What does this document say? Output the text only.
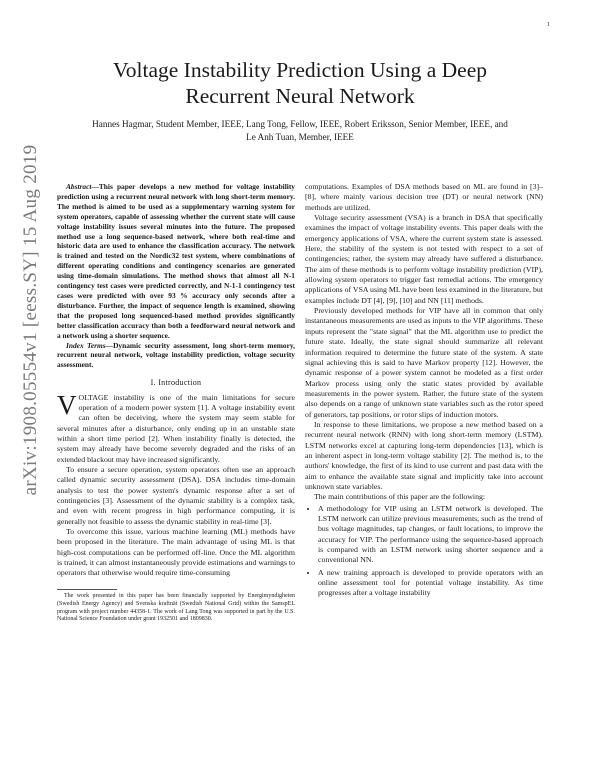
1
arXiv:1908.05554v1 [eess.SY] 15 Aug 2019
Voltage Instability Prediction Using a Deep
Recurrent Neural Network
Hannes Hagmar, Student Member, IEEE, Lang Tong, Fellow, IEEE, Robert Eriksson, Senior Member, IEEE, and
Le Anh Tuan, Member, IEEE

Abstract—This paper develops a new method for voltage instability prediction using a recurrent neural network with long short-term memory. The method is aimed to be used as a supplementary warning system for system operators, capable of assessing whether the current state will cause voltage instability issues several minutes into the future. The proposed method use a long sequence-based network, where both real-time and historic data are used to enhance the classification accuracy. The network is trained and tested on the Nordic32 test system, where combinations of different operating conditions and contingency scenarios are generated using time-domain simulations. The method shows that almost all N-1 contingency test cases were predicted correctly, and N-1-1 contingency test cases were predicted with over 93 % accuracy only seconds after a disturbance. Further, the impact of sequence length is examined, showing that the proposed long sequenced-based method provides significantly better classification accuracy than both a feedforward neural network and a network using a shorter sequence.

Index Terms—Dynamic security assessment, long short-term memory, recurrent neural network, voltage instability prediction, voltage security assessment.

I. Introduction

VOLTAGE instability is one of the main limitations for secure operation of a modern power system [1]. A voltage instability event can often be deceiving, where the system may seem stable for several minutes after a disturbance, only ending up in an unstable state within a short time period [2]. When instability finally is detected, the system may already have become severely degraded and the risks of an extended blackout may have increased significantly.

To ensure a secure operation, system operators often use an approach called dynamic security assessment (DSA). DSA includes time-domain analysis to test the power system's dynamic response after a set of contingencies [3]. Assessment of the dynamic stability is a complex task, and even with recent progress in high performance computing, it is generally not feasible to assess the dynamic stability in real-time [3].

To overcome this issue, various machine learning (ML) methods have been proposed in the literature. The main advantage of using ML is that high-cost computations can be performed off-line. Once the ML algorithm is trained, it can almost instantaneously provide estimations and warnings to operators that otherwise would require time-consuming

The work presented in this paper has been financially supported by Energimyndigheten (Swedish Energy Agency) and Svenska kraftnät (Swedish National Grid) within the SamspEL program with project number 44358-1. The work of Lang Tong was supported in part by the U.S. National Science Foundation under grant 1932501 and 1809830.

computations. Examples of DSA methods based on ML are found in [3]–[8], where mainly various decision tree (DT) or neural network (NN) methods are utilized.

Voltage security assessment (VSA) is a branch in DSA that specifically examines the impact of voltage instability events. This paper deals with the emergency applications of VSA, where the current system state is assessed. Here, the stability of the system is not tested with respect to a set of contingencies; rather, the system may already have suffered a disturbance. The aim of these methods is to perform voltage instability prediction (VIP), allowing system operators to trigger fast remedial actions. The emergency applications of VSA using ML have been less examined in the literature, but examples include DT [4], [9], [10] and NN [11] methods.

Previously developed methods for VIP have all in common that only instantaneous measurements are used as inputs to the VIP algorithms. These inputs represent the "state signal" that the ML algorithm use to predict the future state. Ideally, the state signal should summarize all relevant information required to determine the future state of the system. A state signal achieving this is said to have Markov property [12]. However, the dynamic response of a power system cannot be modeled as a first order Markov process using only the static states provided by available measurements in the power system. Rather, the future state of the system also depends on a range of unknown state variables such as the rotor speed of generators, tap positions, or rotor slips of induction motors.

In response to these limitations, we propose a new method based on a recurrent neural network (RNN) with long short-term memory (LSTM). LSTM networks excel at capturing long-term dependencies [13], which is an inherent aspect in long-term voltage stability [2]. The method is, to the authors' knowledge, the first of its kind to use current and past data with the aim to enhance the available state signal and implicitly take into account unknown state variables.

The main contributions of this paper are the following:

• A methodology for VIP using an LSTM network is developed. The LSTM network can utilize previous measurements, such as the trend of bus voltage magnitudes, tap changes, or fault locations, to improve the accuracy for VIP. The performance using the sequence-based approach is compared with an LSTM network using shorter sequence and a conventional NN.
• A new training approach is developed to provide operators with an online assessment tool for potential voltage instability. As time progresses after a voltage instability
